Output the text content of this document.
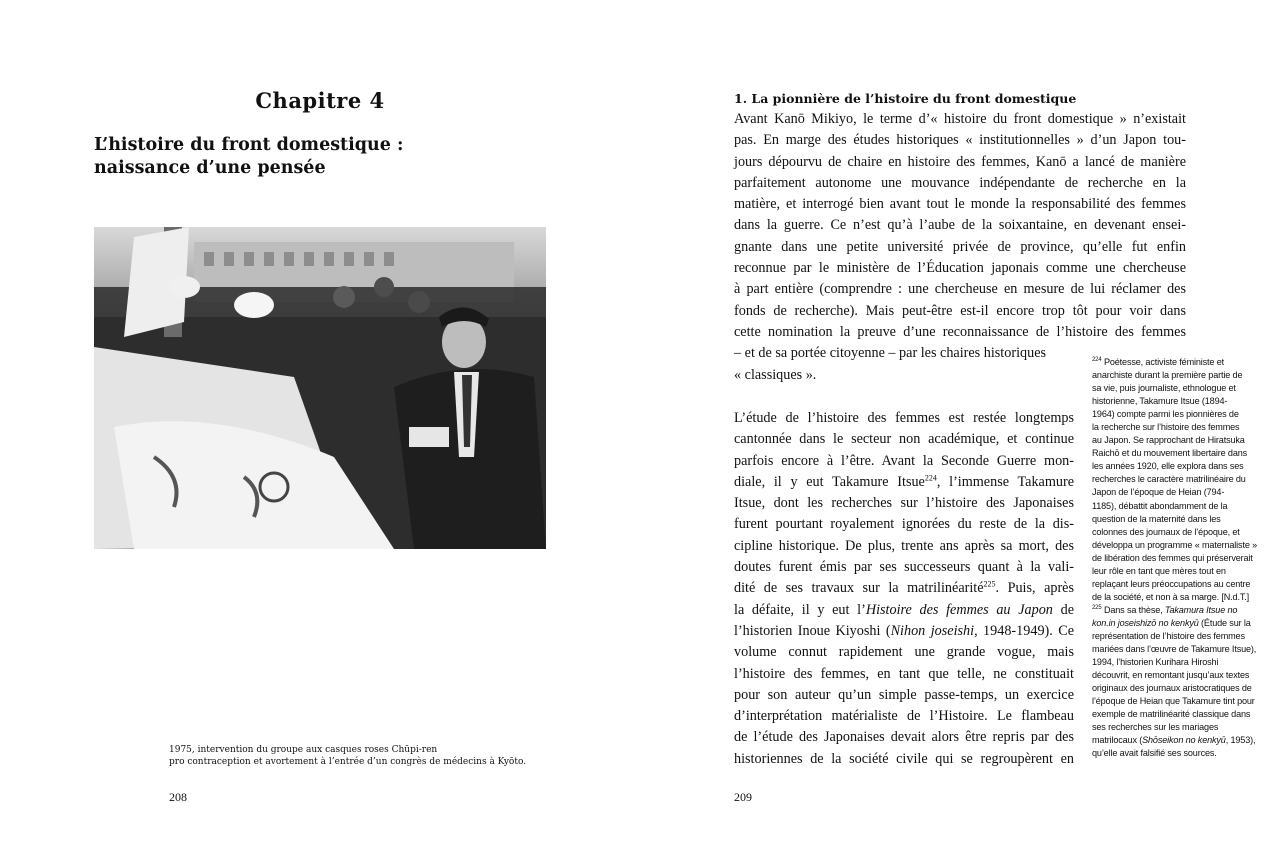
Chapitre 4
L’histoire du front domestique :
naissance d’une pensée
1975, intervention du groupe aux casques roses Chūpi-ren
pro contraception et avortement à l’entrée d’un congrès de médecins à Kyōto.
208
1. La pionnière de l’histoire du front domestique
Avant Kanō Mikiyo, le terme d’« histoire du front domestique » n’existait
pas. En marge des études historiques « institutionnelles » d’un Japon tou-
jours dépourvu de chaire en histoire des femmes, Kanō a lancé de manière
parfaitement autonome une mouvance indépendante de recherche en la
matière, et interrogé bien avant tout le monde la responsabilité des femmes
dans la guerre. Ce n’est qu’à l’aube de la soixantaine, en devenant ensei-
gnante dans une petite université privée de province, qu’elle fut enfin
reconnue par le ministère de l’Éducation japonais comme une chercheuse
à part entière (comprendre : une chercheuse en mesure de lui réclamer des
fonds de recherche). Mais peut-être est-il encore trop tôt pour voir dans
cette nomination la preuve d’une reconnaissance de l’histoire des femmes
– et de sa portée citoyenne – par les chaires historiques
« classiques ».
L’étude de l’histoire des femmes est restée longtemps
cantonnée dans le secteur non académique, et continue
parfois encore à l’être. Avant la Seconde Guerre mon-
diale, il y eut Takamure Itsue$^{224}$, l’immense Takamure
Itsue, dont les recherches sur l’histoire des Japonaises
furent pourtant royalement ignorées du reste de la dis-
cipline historique. De plus, trente ans après sa mort, des
doutes furent émis par ses successeurs quant à la vali-
dité de ses travaux sur la matrilinéarité$^{225}$. Puis, après
la défaite, il y eut l’Histoire des femmes au Japon de
l’historien Inoue Kiyoshi (Nihon joseishi, 1948-1949). Ce
volume connut rapidement une grande vogue, mais
l’histoire des femmes, en tant que telle, ne constituait
pour son auteur qu’un simple passe-temps, un exercice
d’interprétation matérialiste de l’Histoire. Le flambeau
de l’étude des Japonaises devait alors être repris par des
historiennes de la société civile qui se regroupèrent en
$^{224}$ Poétesse, activiste féministe et
anarchiste durant la première partie de
sa vie, puis journaliste, ethnologue et
historienne, Takamure Itsue (1894-
1964) compte parmi les pionnières de
la recherche sur l’histoire des femmes
au Japon. Se rapprochant de Hiratsuka
Raichō et du mouvement libertaire dans
les années 1920, elle explora dans ses
recherches le caractère matrilinéaire du
Japon de l’époque de Heian (794-
1185), débattit abondamment de la
question de la maternité dans les
colonnes des journaux de l’époque, et
développa un programme « maternaliste »
de libération des femmes qui préserverait
leur rôle en tant que mères tout en
replaçant leurs préoccupations au centre
de la société, et non à sa marge. [N.d.T.]
$^{225}$ Dans sa thèse, Takamura Itsue no
kon.in joseishizō no kenkyū (Étude sur la
représentation de l’histoire des femmes
mariées dans l’œuvre de Takamure Itsue),
1994, l’historien Kurihara Hiroshi
découvrit, en remontant jusqu’aux textes
originaux des journaux aristocratiques de
l’époque de Heian que Takamure tint pour
exemple de matrilinéarité classique dans
ses recherches sur les mariages
matrilocaux (Shōseikon no kenkyū, 1953),
qu’elle avait falsifié ses sources.
209
